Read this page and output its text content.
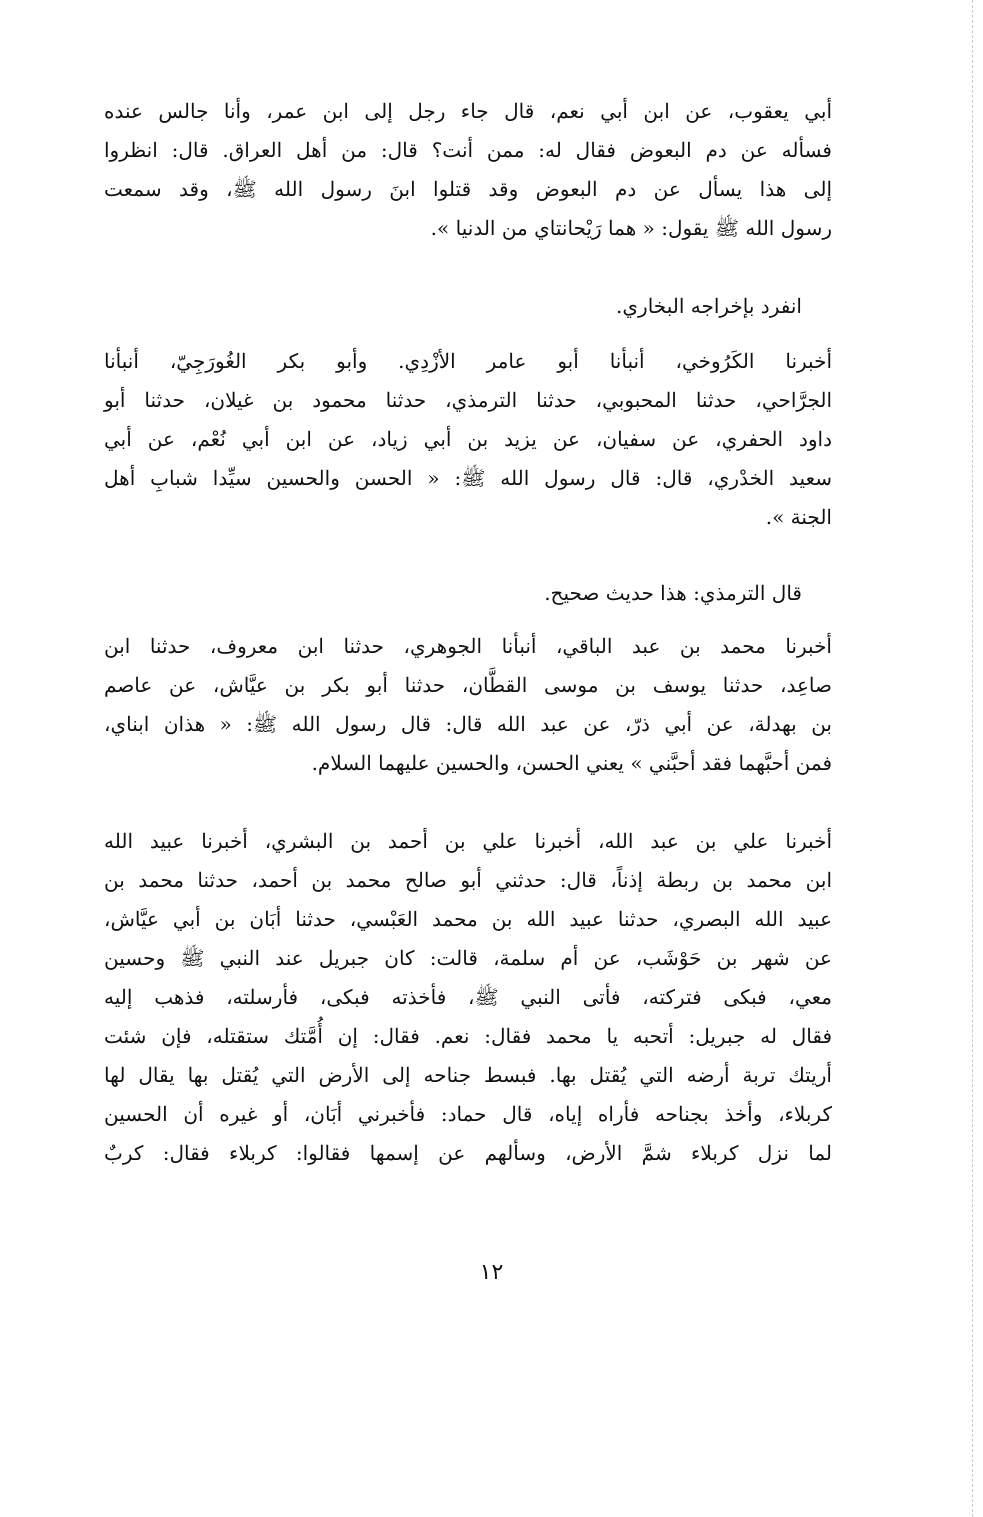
أبي يعقوب، عن ابن أبي نعم، قال جاء رجل إلى ابن عمر، وأنا جالس عنده
فسأله عن دم البعوض فقال له: ممن أنت؟ قال: من أهل العراق. قال: انظروا
إلى هذا يسأل عن دم البعوض وقد قتلوا ابنَ رسول الله ﷺ، وقد سمعت
رسول الله ﷺ يقول: « هما رَيْحانتاي من الدنيا ».

انفرد بإخراجه البخاري.

أخبرنا الكَرُوخي، أنبأنا أبو عامر الأزْدِي. وأبو بكر الغُورَجِيّ، أنبأنا
الجرَّاحي، حدثنا المحبوبي، حدثنا الترمذي، حدثنا محمود بن غيلان، حدثنا أبو
داود الحفري، عن سفيان، عن يزيد بن أبي زياد، عن ابن أبي نُعْم، عن أبي
سعيد الخدْري، قال: قال رسول الله ﷺ: « الحسن والحسين سيِّدا شبابِ أهل
الجنة ».

قال الترمذي: هذا حديث صحيح.

أخبرنا محمد بن عبد الباقي، أنبأنا الجوهري، حدثنا ابن معروف، حدثنا ابن
صاعِد، حدثنا يوسف بن موسى القطَّان، حدثنا أبو بكر بن عيَّاش، عن عاصم
بن بهدلة، عن أبي ذرّ، عن عبد الله قال: قال رسول الله ﷺ: « هذان ابناي،
فمن أحبَّهما فقد أحبَّني » يعني الحسن، والحسين عليهما السلام.

أخبرنا علي بن عبد الله، أخبرنا علي بن أحمد بن البشري، أخبرنا عبيد الله
ابن محمد بن ربطة إذناً، قال: حدثني أبو صالح محمد بن أحمد، حدثنا محمد بن
عبيد الله البصري، حدثنا عبيد الله بن محمد العَبْسي، حدثنا أبَان بن أبي عيَّاش،
عن شهر بن حَوْشَب، عن أم سلمة، قالت: كان جبريل عند النبي ﷺ وحسين
معي، فبكى فتركته، فأتى النبي ﷺ، فأخذته فبكى، فأرسلته، فذهب إليه
فقال له جبريل: أتحبه يا محمد فقال: نعم. فقال: إن أُمَّتك ستقتله، فإن شئت
أريتك تربة أرضه التي يُقتل بها. فبسط جناحه إلى الأرض التي يُقتل بها يقال لها
كربلاء، وأخذ بجناحه فأراه إياه، قال حماد: فأخبرني أبَان، أو غيره أن الحسين
لما نزل كربلاء شمَّ الأرض، وسألهم عن إسمها فقالوا: كربلاء فقال: كربٌ

١٢
